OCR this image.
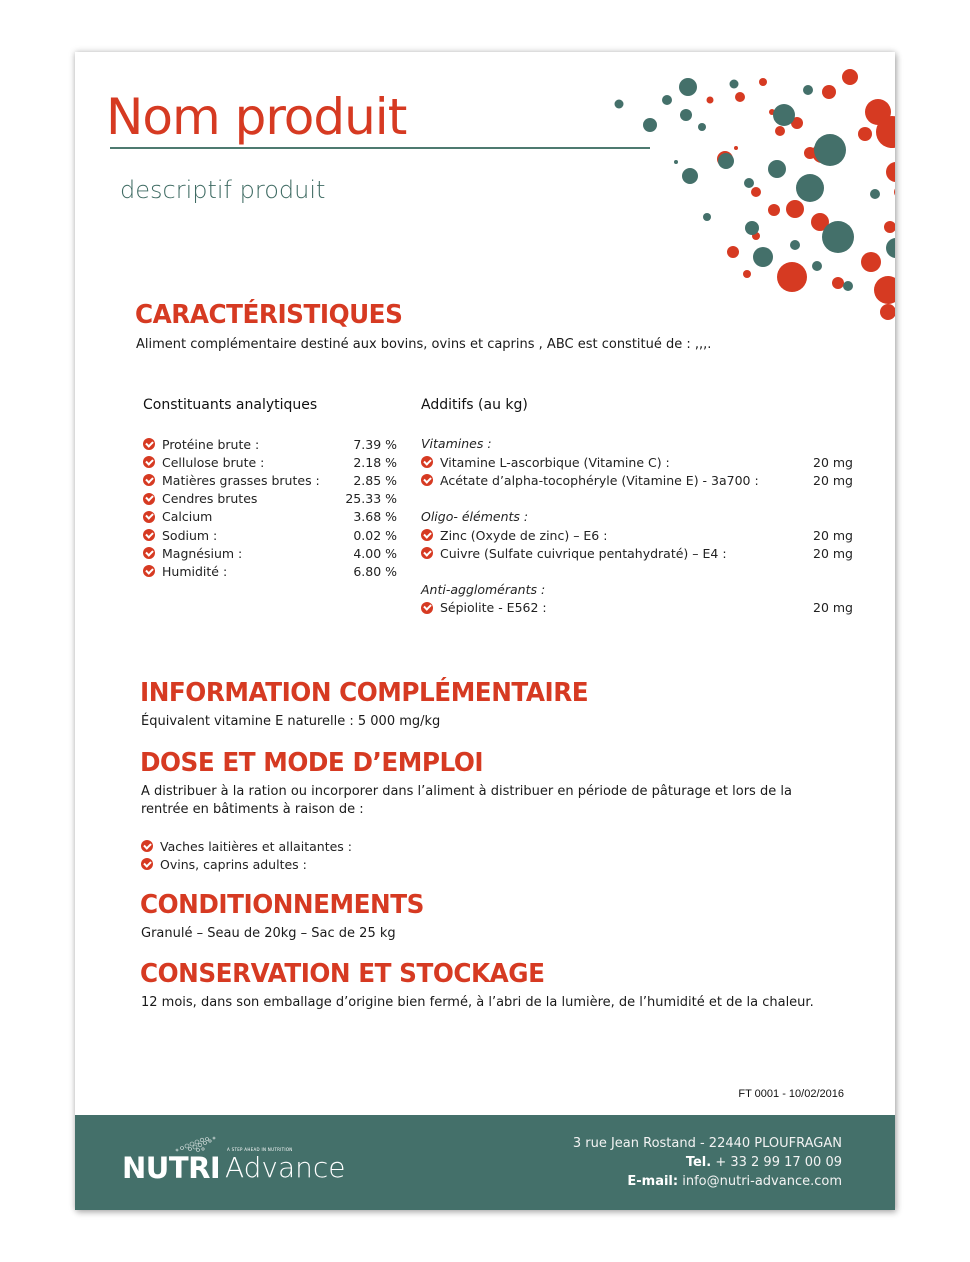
Nom produit
descriptif produit
CARACTÉRISTIQUES

Aliment complémentaire destiné aux bovins, ovins et caprins , ABC est constitué de : ,,,.

Constituants analytiques
Protéine brute :	7.39 %
Cellulose brute :	2.18 %
Matières grasses brutes :	2.85 %
Cendres brutes	25.33 %
Calcium	3.68 %
Sodium :	0.02 %
Magnésium :	4.00 %
Humidité :	6.80 %
Additifs (au kg)
Vitamines :
Vitamine L-ascorbique (Vitamine C) :	20 mg
Acétate d’alpha-tocophéryle (Vitamine E) - 3a700 :	20 mg
Oligo- éléments :
Zinc (Oxyde de zinc) – E6 :	20 mg
Cuivre (Sulfate cuivrique pentahydraté) – E4 :	20 mg
Anti-agglomérants :
Sépiolite - E562 :	20 mg
INFORMATION COMPLÉMENTAIRE

Équivalent vitamine E naturelle : 5 000 mg/kg

DOSE ET MODE D’EMPLOI

A distribuer à la ration ou incorporer dans l’aliment à distribuer en période de pâturage et lors de la rentrée en bâtiments à raison de :

Vaches laitières et allaitantes :
Ovins, caprins adultes :
CONDITIONNEMENTS

Granulé – Seau de 20kg – Sac de 25 kg

CONSERVATION ET STOCKAGE

12 mois, dans son emballage d’origine bien fermé, à l’abri de la lumière, de l’humidité et de la chaleur.

FT 0001 - 10/02/2016
NUTRI
A STEP AHEAD IN NUTRITION
Advance
3 rue Jean Rostand - 22440 PLOUFRAGAN
Tel. + 33 2 99 17 00 09
E-mail: info@nutri-advance.com
